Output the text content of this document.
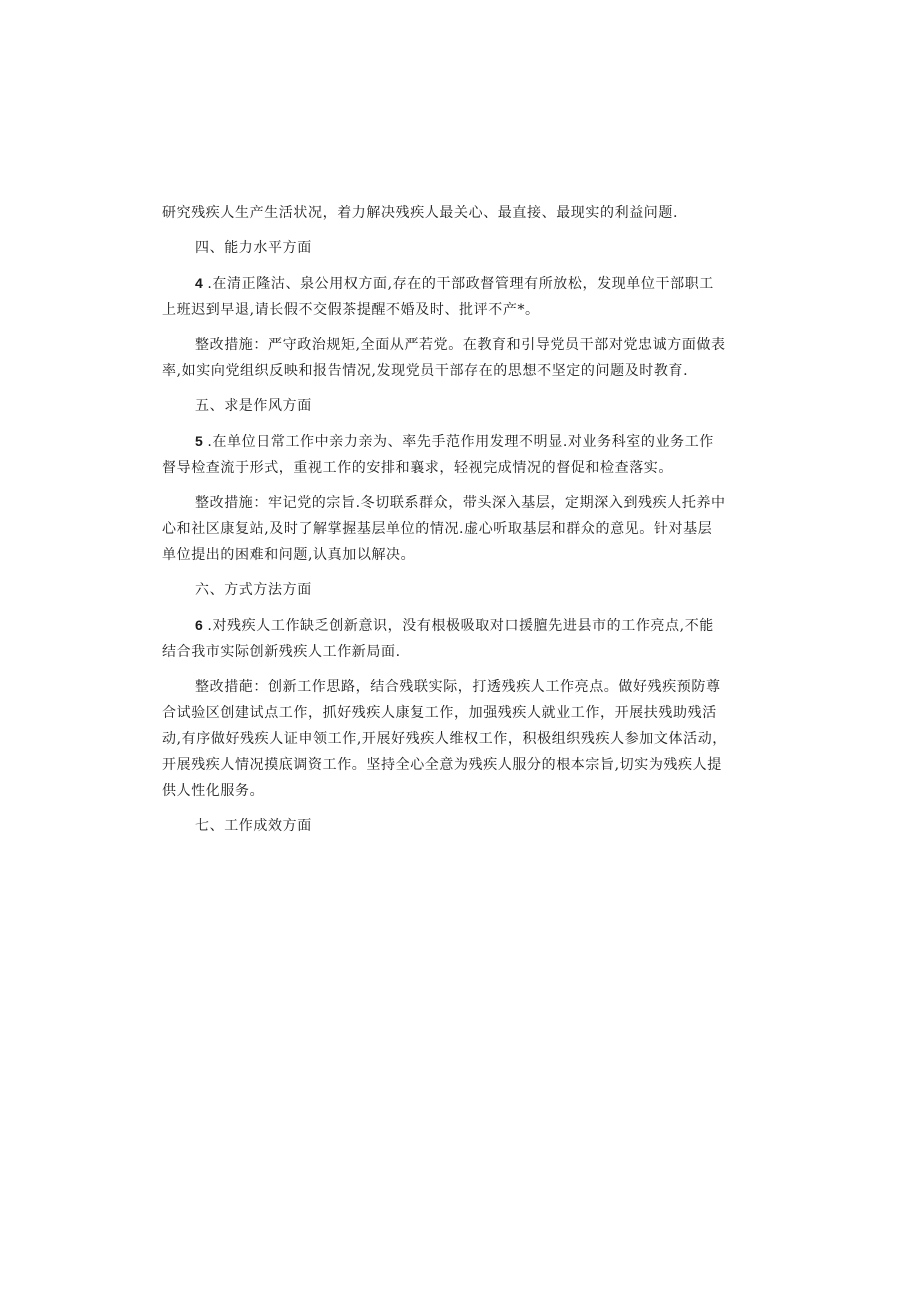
研究残疾人生产生活状况，着力解决残疾人最关心、最直接、最现实的利益问题.
四、能力水平方面
4 .在清正隆沽、泉公用权方面,存在的干部政督管理有所放松，发现单位干部职工
上班迟到早退,请长假不交假茶提醒不婚及时、批评不产*。
整改措施：严守政治规矩,全面从严若党。在教育和引导党员干部对党忠诚方面做表
率,如实向党组织反映和报告情况,发现党员干部存在的思想不坚定的问题及时教育.
五、求是作风方面
5 .在单位日常工作中亲力亲为、率先手范作用发理不明显.对业务科室的业务工作
督导检查流于形式，重视工作的安排和襄求，轻视完成情况的督促和检查落实。
整改措施：牢记党的宗旨.冬切联系群众，带头深入基层，定期深入到残疾人托养中
心和社区康复站,及时了解掌握基层单位的情况.虚心听取基层和群众的意见。针对基层
单位提出的困难和问题,认真加以解决。
六、方式方法方面
6 .对残疾人工作缺乏创新意识，没有根极吸取对口援膻先进县市的工作亮点,不能
结合我市实际创新残疾人工作新局面.
整改措葩：创新工作思路，结合残联实际，打透残疾人工作亮点。做好残疾预防尊
合试验区创建试点工作，抓好残疾人康复工作，加强残疾人就业工作，开展扶残助残活
动,有序做好残疾人证申领工作,开展好残疾人维权工作，积极组织残疾人参加文体活动，
开展残疾人情况摸底调资工作。坚持全心全意为残疾人服分的根本宗旨,切实为残疾人提
供人性化服务。
七、工作成效方面
